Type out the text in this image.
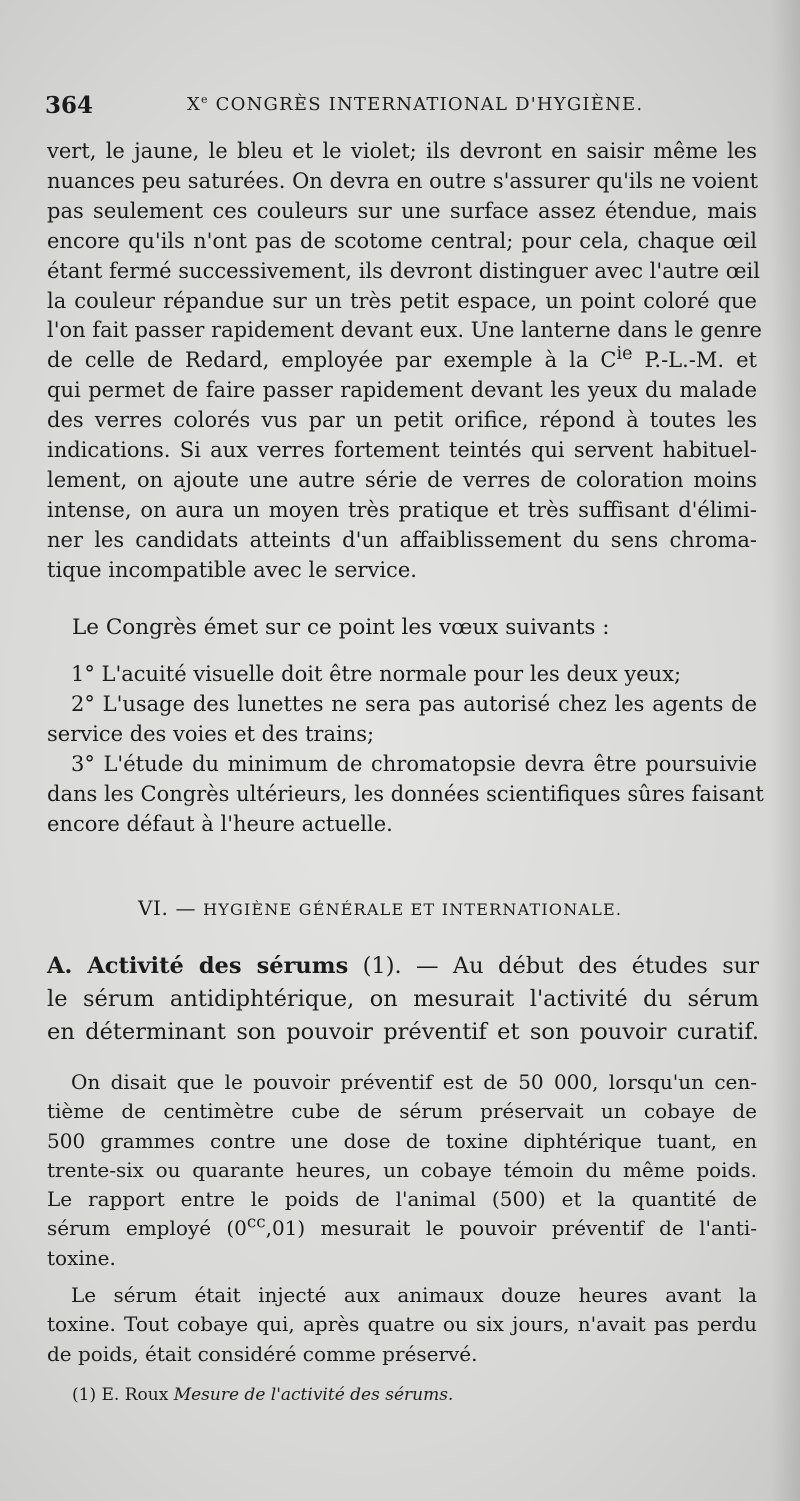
364	Xe CONGRÈS INTERNATIONAL D'HYGIÈNE.
vert, le jaune, le bleu et le violet; ils devront en saisir même les
nuances peu saturées. On devra en outre s'assurer qu'ils ne voient
pas seulement ces couleurs sur une surface assez étendue, mais
encore qu'ils n'ont pas de scotome central; pour cela, chaque œil
étant fermé successivement, ils devront distinguer avec l'autre œil
la couleur répandue sur un très petit espace, un point coloré que
l'on fait passer rapidement devant eux. Une lanterne dans le genre
de celle de Redard, employée par exemple à la $C^{ie}$ P.-L.-M. et
qui permet de faire passer rapidement devant les yeux du malade
des verres colorés vus par un petit orifice, répond à toutes les
indications. Si aux verres fortement teintés qui servent habituel-
lement, on ajoute une autre série de verres de coloration moins
intense, on aura un moyen très pratique et très suffisant d'élimi-
ner les candidats atteints d'un affaiblissement du sens chroma-
tique incompatible avec le service.
Le Congrès émet sur ce point les vœux suivants :
1° L'acuité visuelle doit être normale pour les deux yeux;
2° L'usage des lunettes ne sera pas autorisé chez les agents de
service des voies et des trains;
3° L'étude du minimum de chromatopsie devra être poursuivie
dans les Congrès ultérieurs, les données scientifiques sûres faisant
encore défaut à l'heure actuelle.
VI. — HYGIÈNE GÉNÉRALE ET INTERNATIONALE.
A. Activité des sérums (1). — Au début des études sur
le sérum antidiphtérique, on mesurait l'activité du sérum
en déterminant son pouvoir préventif et son pouvoir curatif.
On disait que le pouvoir préventif est de 50 000, lorsqu'un cen-
tième de centimètre cube de sérum préservait un cobaye de
500 grammes contre une dose de toxine diphtérique tuant, en
trente-six ou quarante heures, un cobaye témoin du même poids.
Le rapport entre le poids de l'animal (500) et la quantité de
sérum employé $(0^{cc},01)$ mesurait le pouvoir préventif de l'anti-
toxine.
Le sérum était injecté aux animaux douze heures avant la
toxine. Tout cobaye qui, après quatre ou six jours, n'avait pas perdu
de poids, était considéré comme préservé.
(1) E. Roux Mesure de l'activité des sérums.
